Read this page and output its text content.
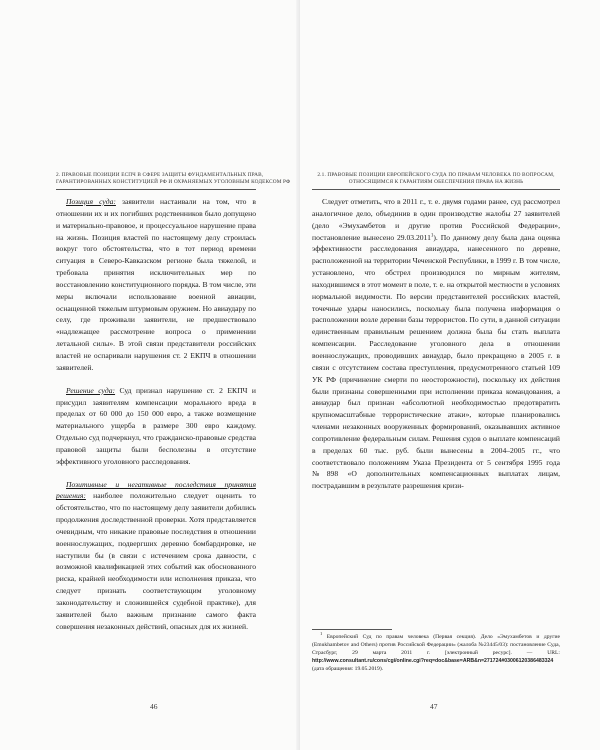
2. ПРАВОВЫЕ ПОЗИЦИИ ЕСПЧ В СФЕРЕ ЗАЩИТЫ ФУНДАМЕНТАЛЬНЫХ ПРАВ,
ГАРАНТИРОВАННЫХ КОНСТИТУЦИЕЙ РФ И ОХРАНЯЕМЫХ УГОЛОВНЫМ КОДЕКСОМ РФ

Позиция суда: заявители настаивали на том, что в отношении их и их погибших родственников было допущено и материально-правовое, и процессуальное нарушение права на жизнь. Позиция властей по настоящему делу строилась вокруг того обстоятельства, что в тот период времени ситуация в Северо-Кавказском регионе была тяжелой, и требовала принятия исключительных мер по восстановлению конституционного порядка. В том числе, эти меры включали использование военной авиации, оснащенной тяжелым штурмовым оружием. Но авиаудару по селу, где проживали заявители, не предшествовало «надлежащее рассмотрение вопроса о применении летальной силы». В этой связи представители российских властей не оспаривали нарушения ст. 2 ЕКПЧ в отношении заявителей.

Решение суда: Суд признал нарушение ст. 2 ЕКПЧ и присудил заявителям компенсации морального вреда в пределах от 60 000 до 150 000 евро, а также возмещение материального ущерба в размере 300 евро каждому. Отдельно суд подчеркнул, что гражданско-правовые средства правовой защиты были бесполезны в отсутствие эффективного уголовного расследования.

Позитивные и негативные последствия принятия решения: наиболее положительно следует оценить то обстоятельство, что по настоящему делу заявители добились продолжения доследственной проверки. Хотя представляется очевидным, что никакие правовые последствия в отношении военнослужащих, подвергших деревню бомбардировке, не наступили бы (в связи с истечением срока давности, с возможной квалификацией этих событий как обоснованного риска, крайней необходимости или исполнения приказа, что следует признать соответствующим уголовному законодательству и сложившейся судебной практике), для заявителей было важным признание самого факта совершения незаконных действий, опасных для их жизней.

46
2.1. ПРАВОВЫЕ ПОЗИЦИИ ЕВРОПЕЙСКОГО СУДА ПО ПРАВАМ ЧЕЛОВЕКА ПО ВОПРОСАМ,
ОТНОСЯЩИМСЯ К ГАРАНТИЯМ ОБЕСПЕЧЕНИЯ ПРАВА НА ЖИЗНЬ

Следует отметить, что в 2011 г., т. е. двумя годами ранее, суд рассмотрел аналогичное дело, объединив в один производстве жалобы 27 заявителей (дело «Эмухамбетов и другие против Российской Федерации», постановление вынесено 29.03.2011$^1$). По данному делу была дана оценка эффективности расследования авиаудара, нанесенного по деревне, расположенной на территории Чеченской Республики, в 1999 г. В том числе, установлено, что обстрел производился по мирным жителям, находившимся в этот момент в поле, т. е. на открытой местности в условиях нормальной видимости. По версии представителей российских властей, точечные удары наносились, поскольку была получена информация о расположении возле деревни базы террористов. По сути, в данной ситуации единственным правильным решением должна была бы стать выплата компенсации. Расследование уголовного дела в отношении военнослужащих, проводивших авиаудар, было прекращено в 2005 г. в связи с отсутствием состава преступления, предусмотренного статьей 109 УК РФ (причинение смерти по неосторожности), поскольку их действия были признаны совершенными при исполнении приказа командования, а авиаудар был признан «абсолютной необходимостью предотвратить крупномасштабные террористические атаки», которые планировались членами незаконных вооруженных формирований, оказывавших активное сопротивление федеральным силам. Решения судов о выплате компенсаций в пределах 60 тыс. руб. были вынесены в 2004–2005 гг., что соответствовало положениям Указа Президента от 5 сентября 1995 года №898 «О дополнительных компенсационных выплатах лицам, пострадавшим в результате разрешения кризи-

$^1$ Европейский Суд по правам человека (Первая секция). Дело «Эмухамбетов и другие (Emukhambetov and Others) против Российской Федерации» (жалоба №23445/03): постановление Суда, Страсбург, 29 марта 2011 г. [электронный ресурс]. — URL: http://www.consultant.ru/cons/cgi/online.cgi?req=doc&base=ARB&n=271724#03006120386483324 (дата обращения: 19.05.2019).

47
